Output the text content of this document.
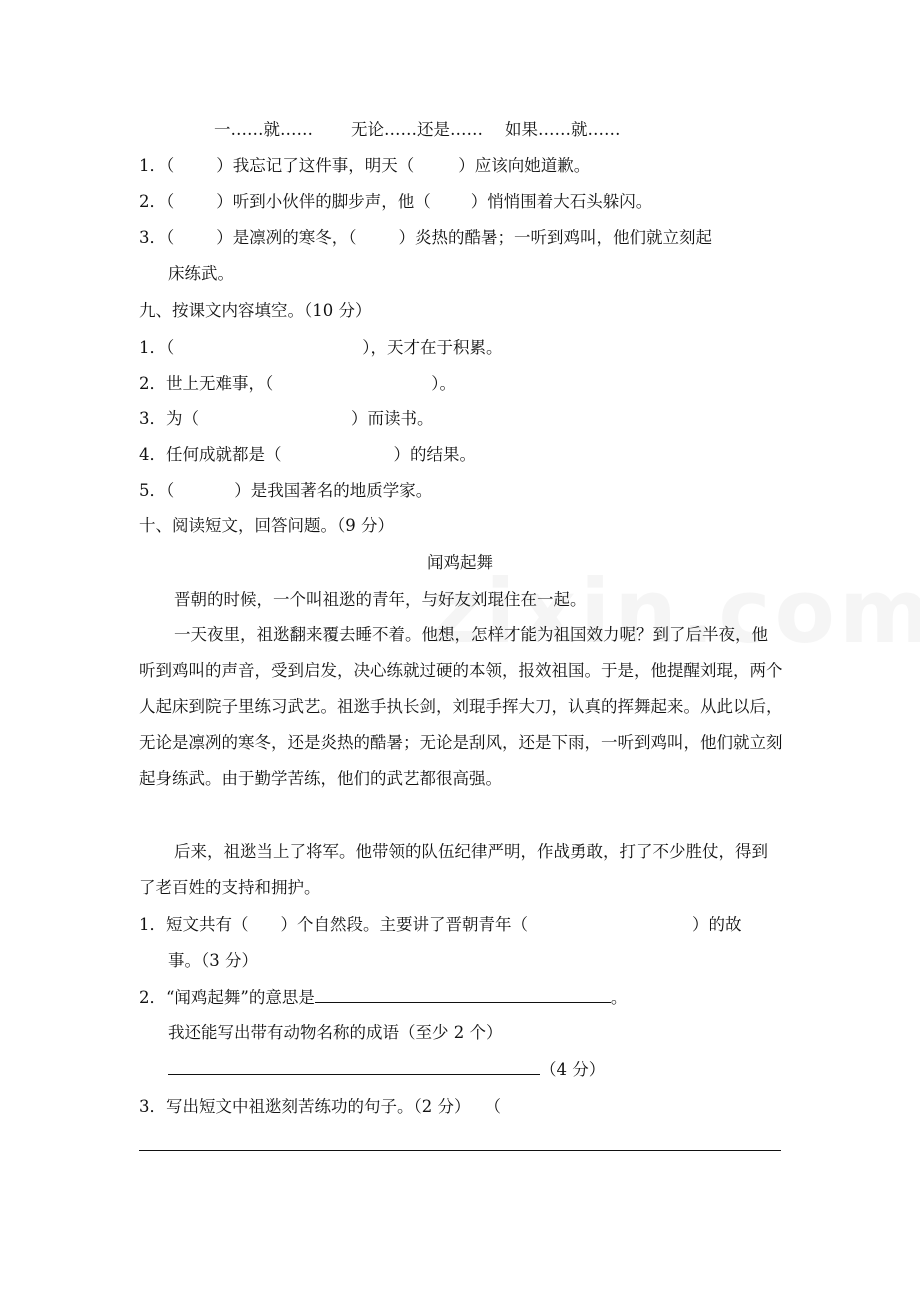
一……就…… 无论……还是…… 如果……就……
1．（	）我忘记了这件事，明天（	）应该向她道歉。
2．（	）听到小伙伴的脚步声，他（ ）悄悄围着大石头躲闪。
3．（	）是凛冽的寒冬，（	）炎热的酷暑；一听到鸡叫，他们就立刻起
床练武。
九、按课文内容填空。（10 分）
1．（	），天才在于积累。
2．世上无难事，（	）。
3．为（	）而读书。
4．任何成就都是（	）的结果。
5．（	）是我国著名的地质学家。
十、阅读短文，回答问题。（9 分）
闻鸡起舞
晋朝的时候，一个叫祖逖的青年，与好友刘琨住在一起。
一天夜里，祖逖翻来覆去睡不着。他想，怎样才能为祖国效力呢？到了后半夜，他听到鸡叫的声音，受到启发，决心练就过硬的本领，报效祖国。于是，他提醒刘琨，两个人起床到院子里练习武艺。祖逖手执长剑，刘琨手挥大刀，认真的挥舞起来。从此以后，无论是凛冽的寒冬，还是炎热的酷暑；无论是刮风，还是下雨，一听到鸡叫，他们就立刻起身练武。由于勤学苦练，他们的武艺都很高强。
后来，祖逖当上了将军。他带领的队伍纪律严明，作战勇敢，打了不少胜仗，得到了老百姓的支持和拥护。
1．短文共有（ ）个自然段。主要讲了晋朝青年（	）的故
事。（3 分）
2．“闻鸡起舞”的意思是	。
我还能写出带有动物名称的成语（至少 2 个）
（4 分）
3．写出短文中祖逖刻苦练功的句子。（2 分） （
